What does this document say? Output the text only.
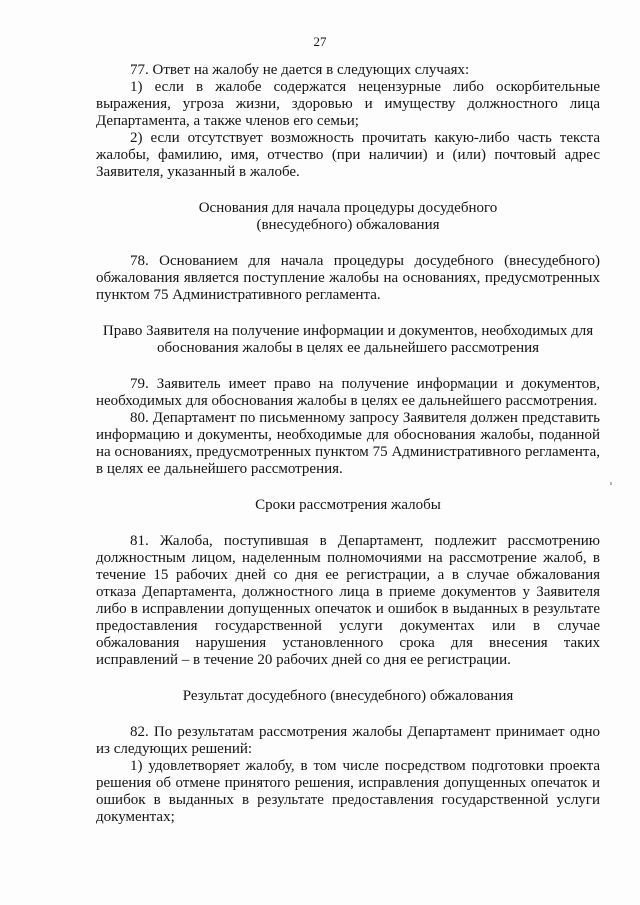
27

77. Ответ на жалобу не дается в следующих случаях:

1) если в жалобе содержатся нецензурные либо оскорбительные выражения, угроза жизни, здоровью и имуществу должностного лица Департамента, а также членов его семьи;

2) если отсутствует возможность прочитать какую-либо часть текста жалобы, фамилию, имя, отчество (при наличии) и (или) почтовый адрес Заявителя, указанный в жалобе.

Основания для начала процедуры досудебного
(внесудебного) обжалования

78. Основанием для начала процедуры досудебного (внесудебного) обжалования является поступление жалобы на основаниях, предусмотренных пунктом 75 Административного регламента.

Право Заявителя на получение информации и документов, необходимых для
обоснования жалобы в целях ее дальнейшего рассмотрения

79. Заявитель имеет право на получение информации и документов, необходимых для обоснования жалобы в целях ее дальнейшего рассмотрения.

80. Департамент по письменному запросу Заявителя должен представить информацию и документы, необходимые для обоснования жалобы, поданной на основаниях, предусмотренных пунктом 75 Административного регламента, в целях ее дальнейшего рассмотрения.

Сроки рассмотрения жалобы

81. Жалоба, поступившая в Департамент, подлежит рассмотрению должностным лицом, наделенным полномочиями на рассмотрение жалоб, в течение 15 рабочих дней со дня ее регистрации, а в случае обжалования отказа Департамента, должностного лица в приеме документов у Заявителя либо в исправлении допущенных опечаток и ошибок в выданных в результате предоставления государственной услуги документах или в случае обжалования нарушения установленного срока для внесения таких исправлений – в течение 20 рабочих дней со дня ее регистрации.

Результат досудебного (внесудебного) обжалования

82. По результатам рассмотрения жалобы Департамент принимает одно из следующих решений:

1) удовлетворяет жалобу, в том числе посредством подготовки проекта решения об отмене принятого решения, исправления допущенных опечаток и ошибок в выданных в результате предоставления государственной услуги документах;
